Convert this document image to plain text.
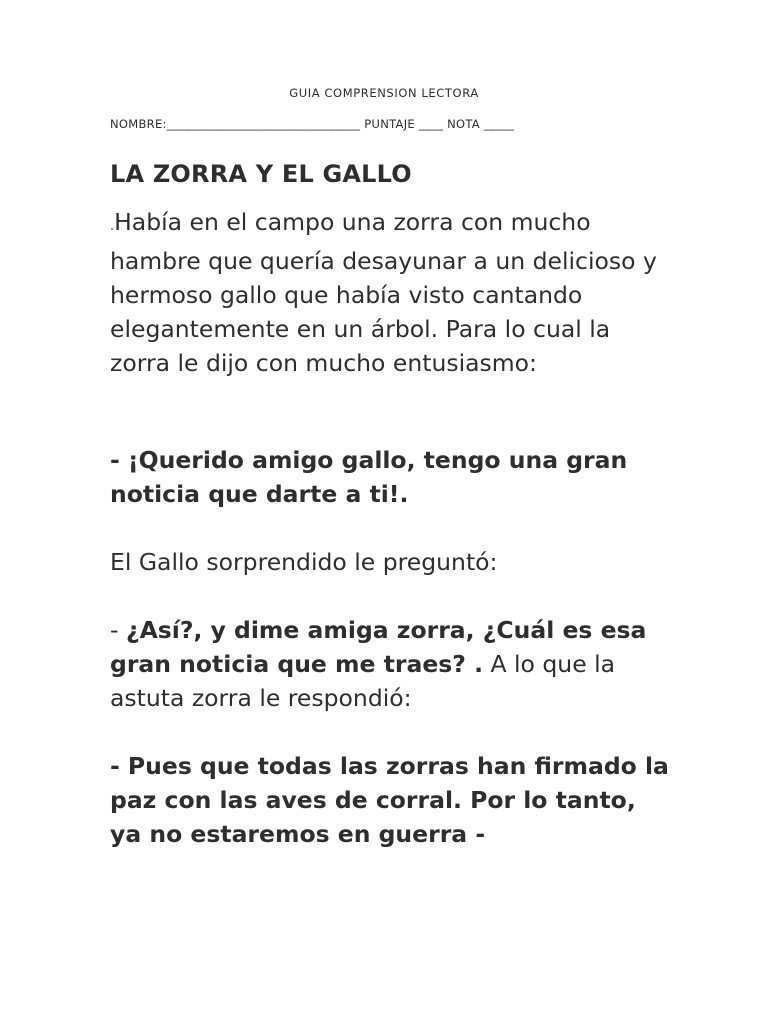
GUIA COMPRENSION LECTORA
NOMBRE:________________________________ PUNTAJE ____ NOTA _____
LA ZORRA Y EL GALLO
.Había en el campo una zorra con mucho hambre que quería desayunar a un delicioso y hermoso gallo que había visto cantando elegantemente en un árbol. Para lo cual la zorra le dijo con mucho entusiasmo:
- ¡Querido amigo gallo, tengo una gran noticia que darte a ti!.
El Gallo sorprendido le preguntó:
- ¿Así?, y dime amiga zorra, ¿Cuál es esa gran noticia que me traes? . A lo que la astuta zorra le respondió:
- Pues que todas las zorras han firmado la paz con las aves de corral. Por lo tanto, ya no estaremos en guerra -
